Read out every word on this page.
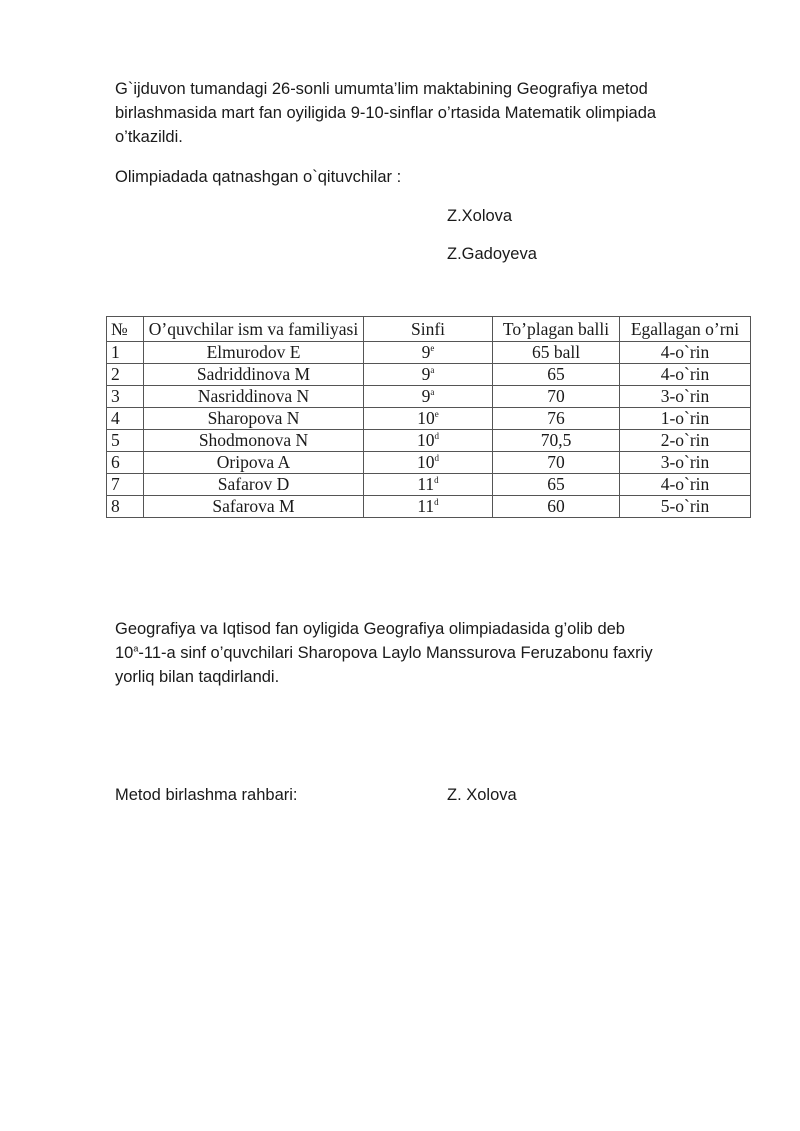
G`ijduvon tumandagi 26-sonli umumta’lim maktabining Geografiya metod
birlashmasida mart fan oyiligida 9-10-sinflar o’rtasida Matematik olimpiada
o’tkazildi.
Olimpiadada qatnashgan o`qituvchilar :
Z.Xolova
Z.Gadoyeva
№	O’quvchilar ism va familiyasi	Sinfi	To’plagan balli	Egallagan o’rni
1	Elmurodov E	9e	65 ball	4-o`rin
2	Sadriddinova M	9$^a$	65	4-o`rin
3	Nasriddinova N	9$^a$	70	3-o`rin
4	Sharopova N	10e	76	1-o`rin
5	Shodmonova N	10$^d$	70,5	2-o`rin
6	Oripova A	10$^d$	70	3-o`rin
7	Safarov D	11$^d$	65	4-o`rin
8	Safarova M	11$^d$	60	5-o`rin
Geografiya va Iqtisod fan oyligida Geografiya olimpiadasida g’olib deb
10$^a$-11-a sinf o’quvchilari Sharopova Laylo Manssurova Feruzabonu faxriy
yorliq bilan taqdirlandi.
Metod birlashma rahbari:	Z. Xolova
